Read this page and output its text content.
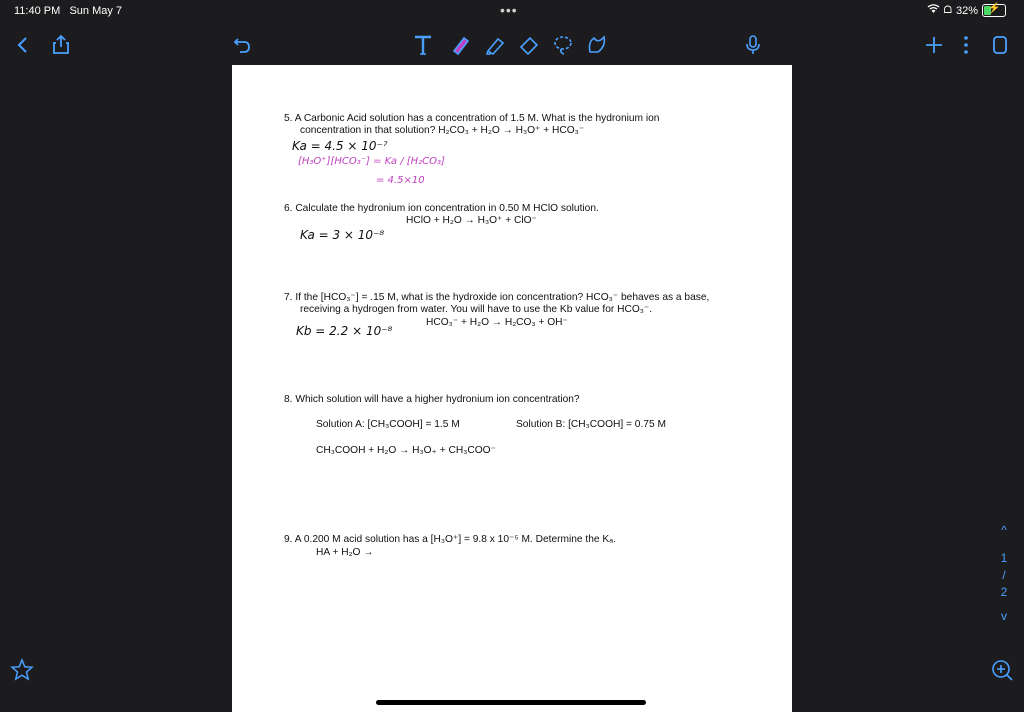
11:40 PM Sun May 7	•••	ᗝ 32% ⚡
5. A Carbonic Acid solution has a concentration of 1.5 M. What is the hydronium ion
concentration in that solution? H₂CO₃ + H₂O → H₃O⁺ + HCO₃⁻
Ka = 4.5 × 10⁻⁷
[H₃O⁺][HCO₃⁻] = Ka / [H₂CO₃]
= 4.5×10
6. Calculate the hydronium ion concentration in 0.50 M HClO solution.
HClO + H₂O → H₃O⁺ + ClO⁻
Ka = 3 × 10⁻⁸
7. If the [HCO₃⁻] = .15 M, what is the hydroxide ion concentration? HCO₃⁻ behaves as a base,
receiving a hydrogen from water. You will have to use the Kb value for HCO₃⁻.
HCO₃⁻ + H₂O → H₂CO₃ + OH⁻
Kb = 2.2 × 10⁻⁸
8. Which solution will have a higher hydronium ion concentration?
Solution A: [CH₃COOH] = 1.5 M	Solution B: [CH₃COOH] = 0.75 M
CH₃COOH + H₂O → H₃O₊ + CH₃COO⁻
9. A 0.200 M acid solution has a [H₃O⁺] = 9.8 x 10⁻⁵ M. Determine the Kₐ.
HA + H₂O →
^
1
/
2
v
